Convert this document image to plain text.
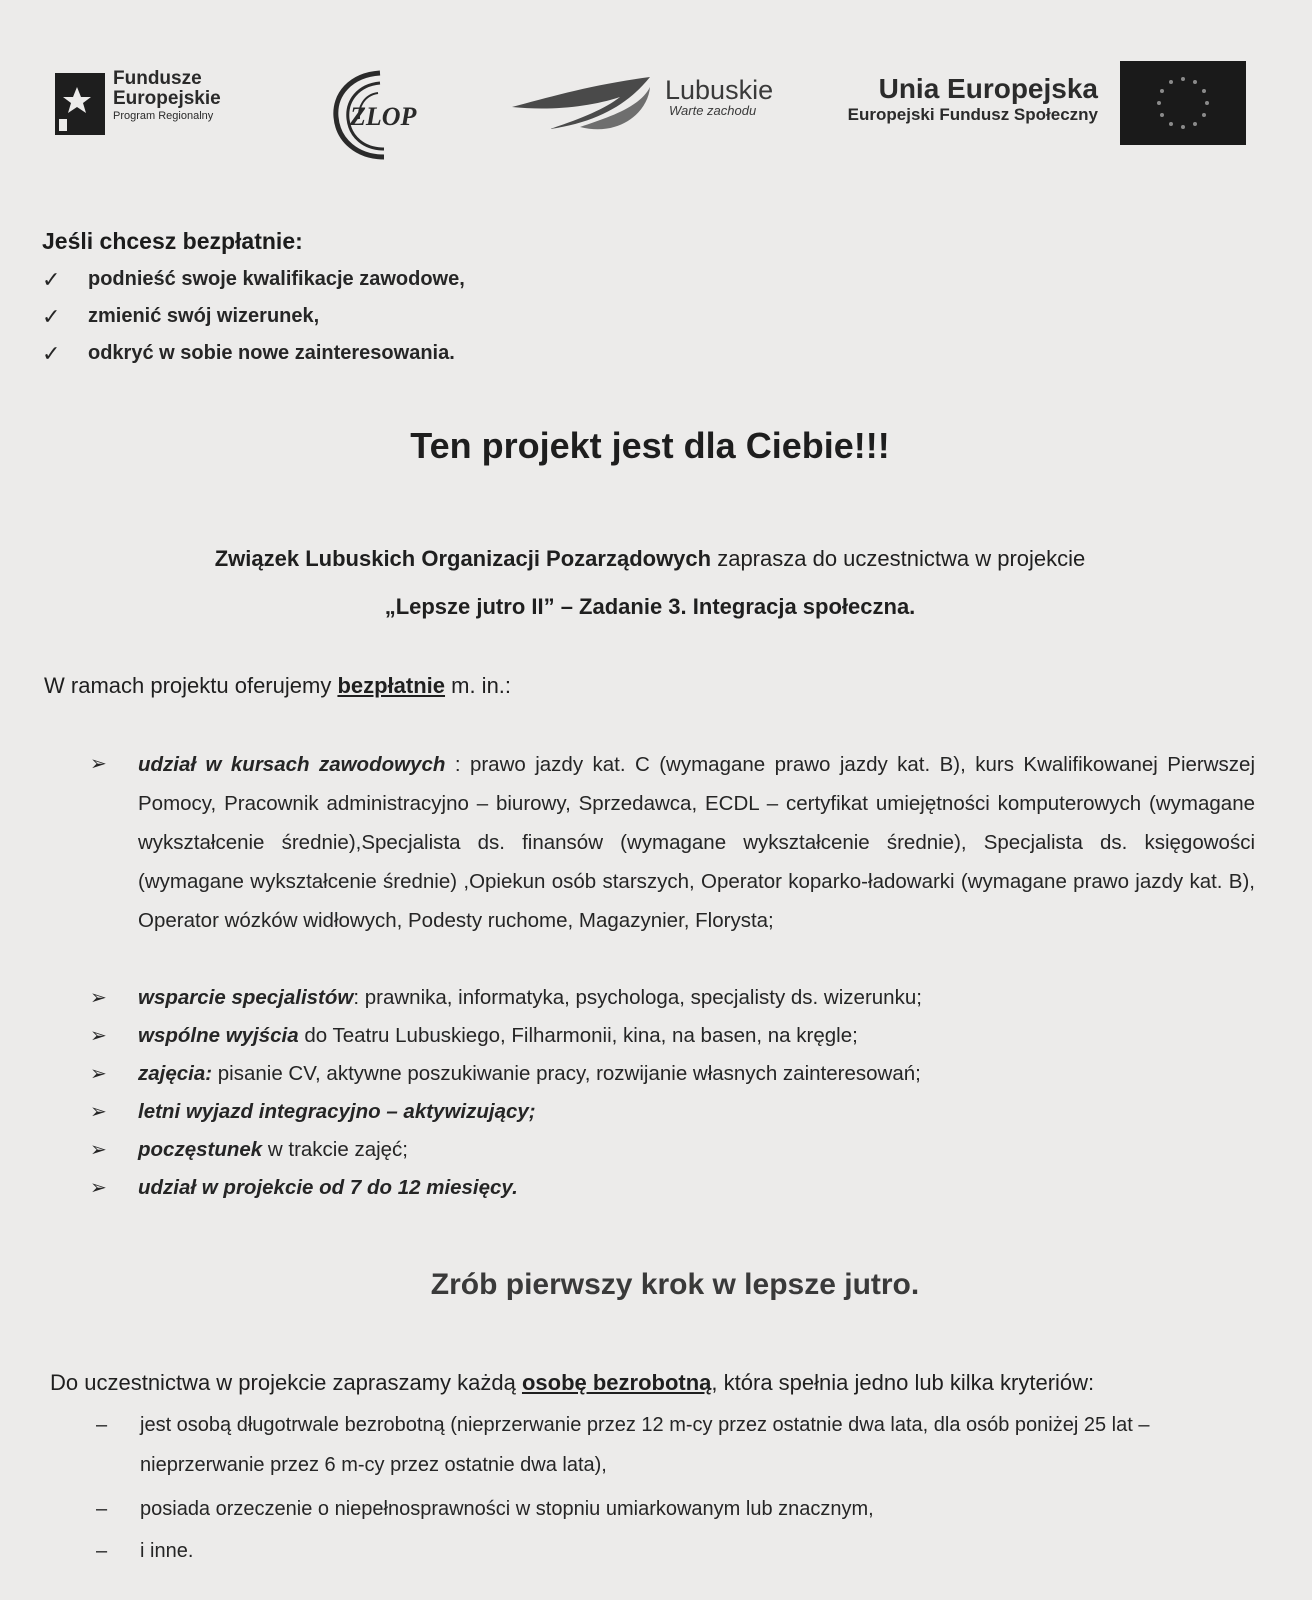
Fundusze
Europejskie
Program Regionalny	ZLOP
Lubuskie
Warte zachodu
Unia Europejska
Europejski Fundusz Społeczny

Jeśli chcesz bezpłatnie:

✓ podnieść swoje kwalifikacje zawodowe,
✓ zmienić swój wizerunek,
✓ odkryć w sobie nowe zainteresowania.
Ten projekt jest dla Ciebie!!!
Związek Lubuskich Organizacji Pozarządowych zaprasza do uczestnictwa w projekcie
„Lepsze jutro II” – Zadanie 3. Integracja społeczna.
W ramach projektu oferujemy bezpłatnie m. in.:
➢ udział w kursach zawodowych : prawo jazdy kat. C (wymagane prawo jazdy kat. B), kurs Kwalifikowanej Pierwszej Pomocy, Pracownik administracyjno – biurowy, Sprzedawca, ECDL – certyfikat umiejętności komputerowych (wymagane wykształcenie średnie),Specjalista ds. finansów (wymagane wykształcenie średnie), Specjalista ds. księgowości (wymagane wykształcenie średnie) ,Opiekun osób starszych, Operator koparko-ładowarki (wymagane prawo jazdy kat. B), Operator wózków widłowych, Podesty ruchome, Magazynier, Florysta;
➢ wsparcie specjalistów: prawnika, informatyka, psychologa, specjalisty ds. wizerunku;
➢ wspólne wyjścia do Teatru Lubuskiego, Filharmonii, kina, na basen, na kręgle;
➢ zajęcia: pisanie CV, aktywne poszukiwanie pracy, rozwijanie własnych zainteresowań;
➢ letni wyjazd integracyjno – aktywizujący;
➢ poczęstunek w trakcie zajęć;
➢ udział w projekcie od 7 do 12 miesięcy.
Zrób pierwszy krok w lepsze jutro.
Do uczestnictwa w projekcie zapraszamy każdą osobę bezrobotną, która spełnia jedno lub kilka kryteriów:
– jest osobą długotrwale bezrobotną (nieprzerwanie przez 12 m-cy przez ostatnie dwa lata, dla osób poniżej 25 lat – nieprzerwanie przez 6 m-cy przez ostatnie dwa lata),
– posiada orzeczenie o niepełnosprawności w stopniu umiarkowanym lub znacznym,
– i inne.
